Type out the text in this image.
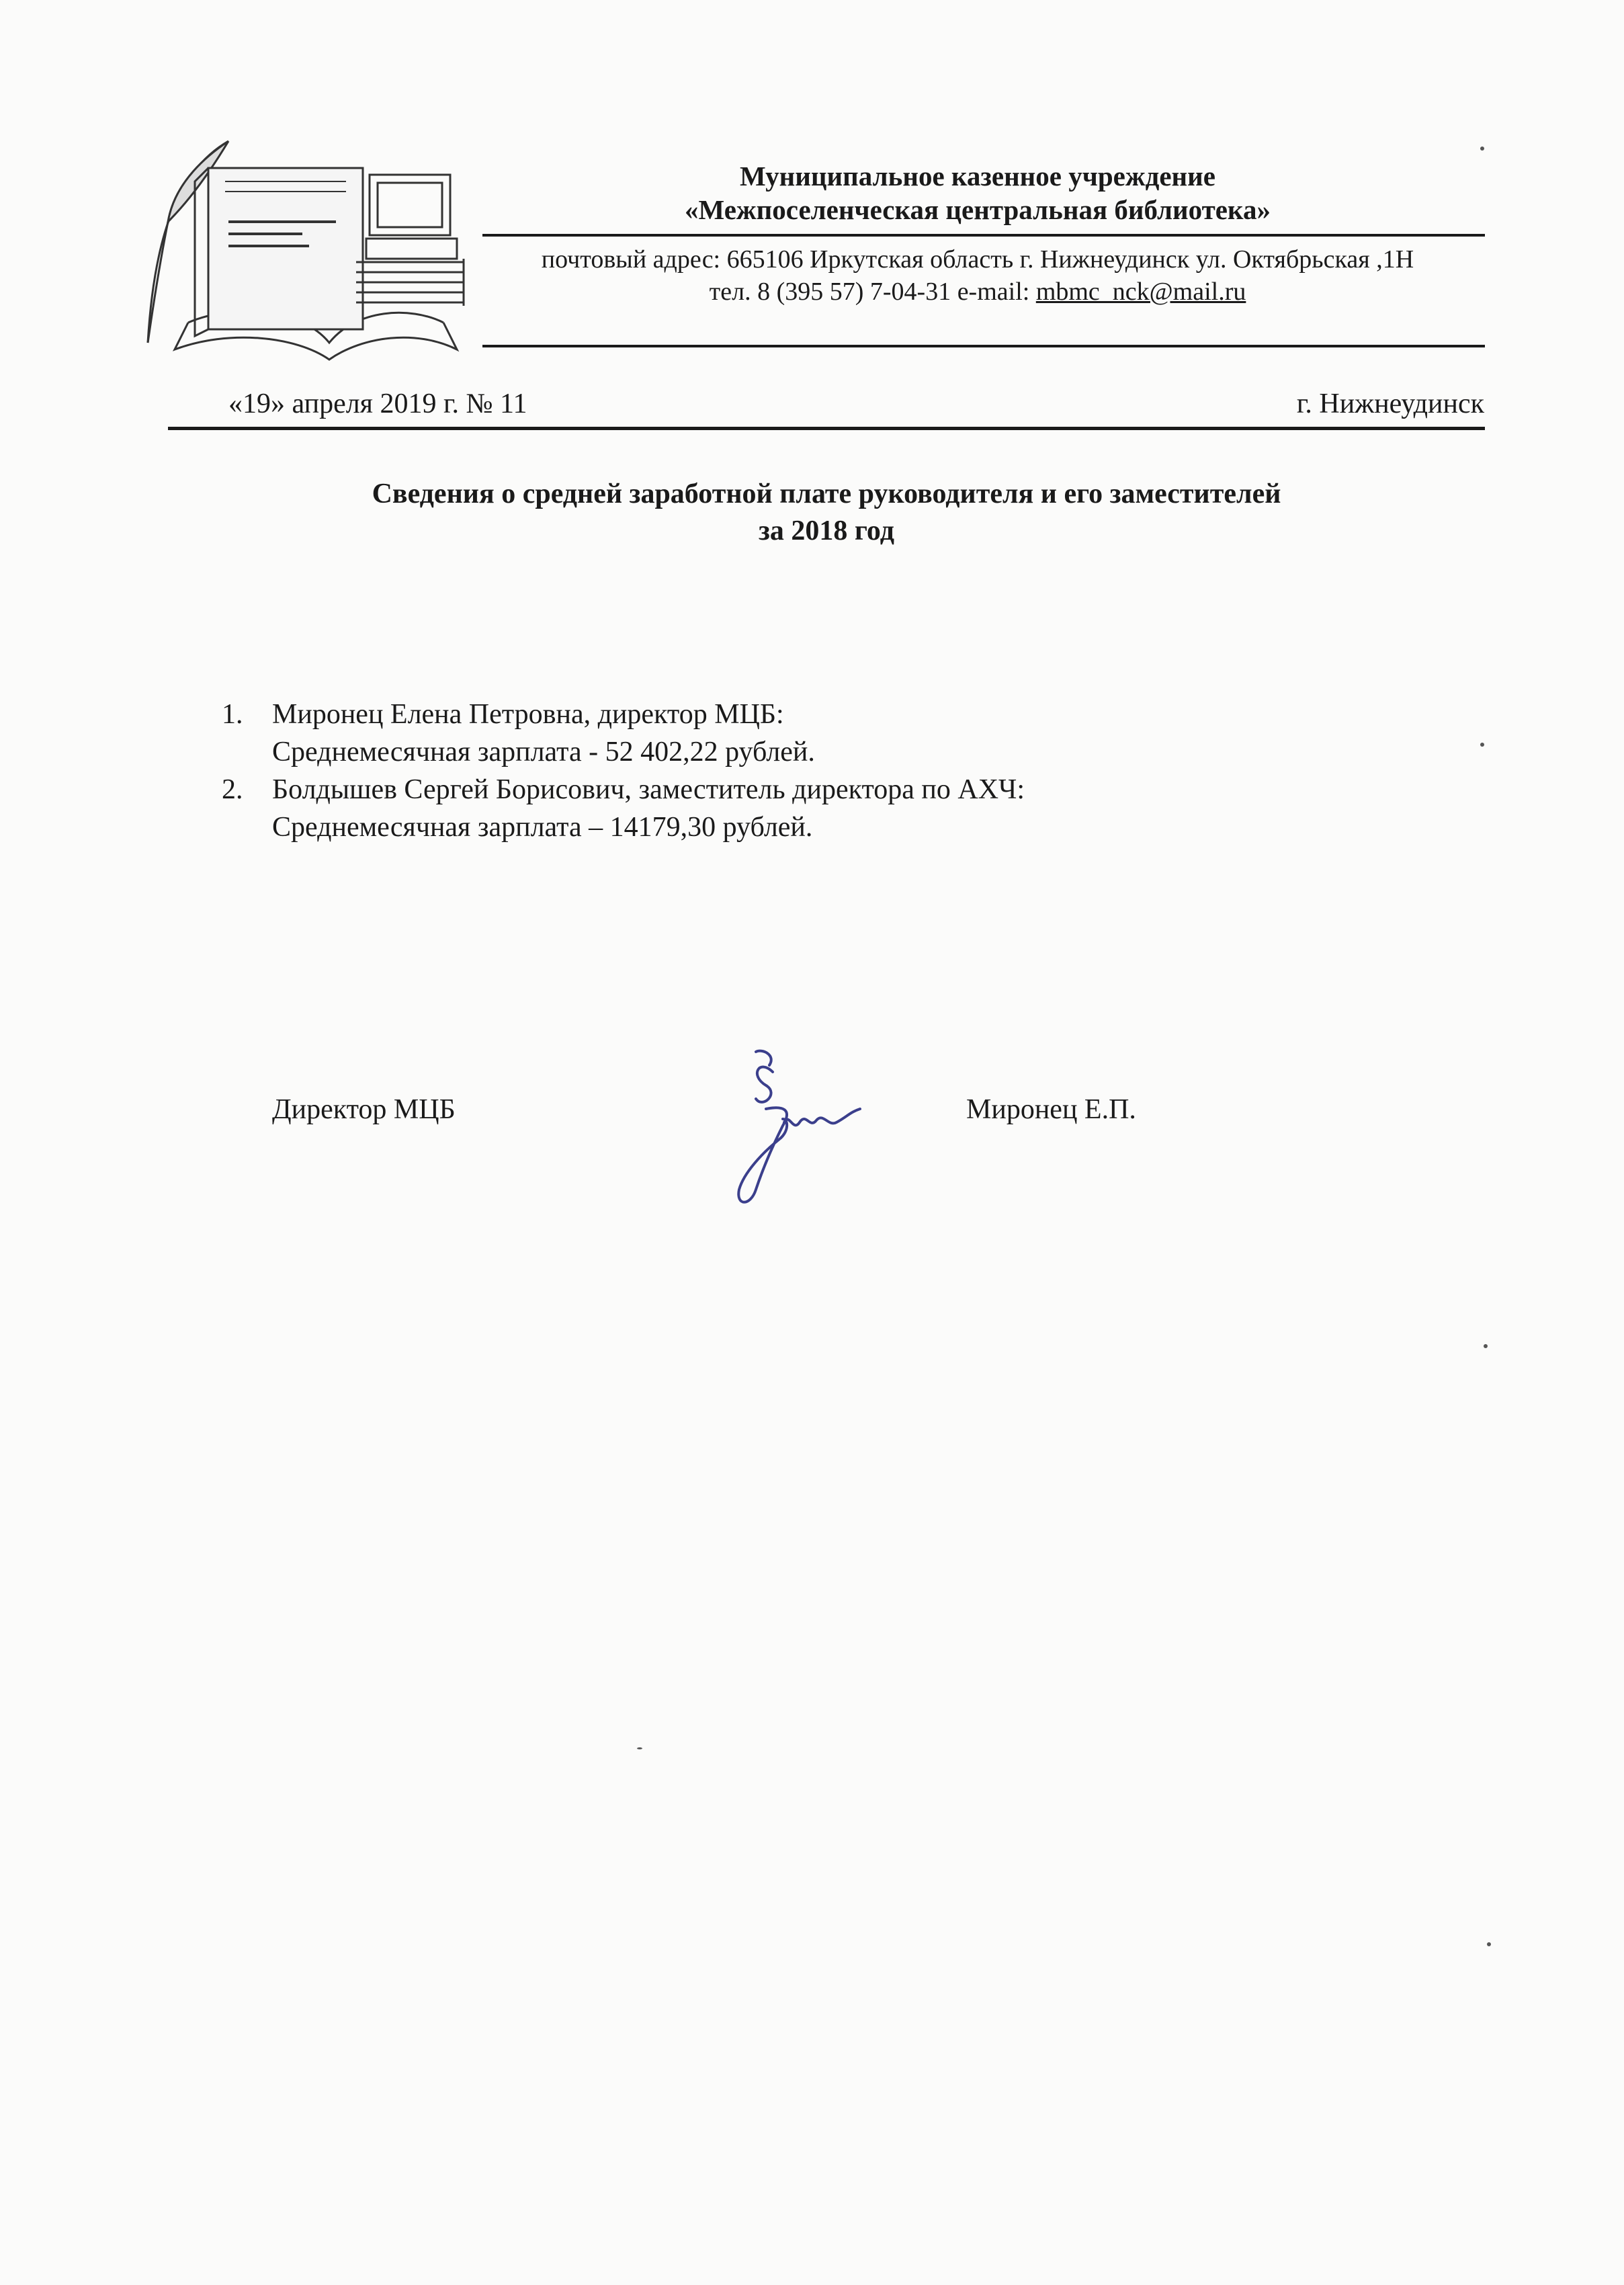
Муниципальное казенное учреждение
«Межпоселенческая центральная библиотека»
почтовый адрес: 665106 Иркутская область г. Нижнеудинск ул. Октябрьская ,1Н
тел. 8 (395 57) 7-04-31 e-mail: mbmc_nck@mail.ru
«19» апреля 2019 г. № 11	г. Нижнеудинск
Сведения о средней заработной плате руководителя и его заместителей
за 2018 год
1.	Миронец Елена Петровна, директор МЦБ:
Среднемесячная зарплата - 52 402,22 рублей.
2.	Болдышев Сергей Борисович, заместитель директора по АХЧ:
Среднемесячная зарплата – 14179,30 рублей.
Директор МЦБ	Миронец Е.П.
